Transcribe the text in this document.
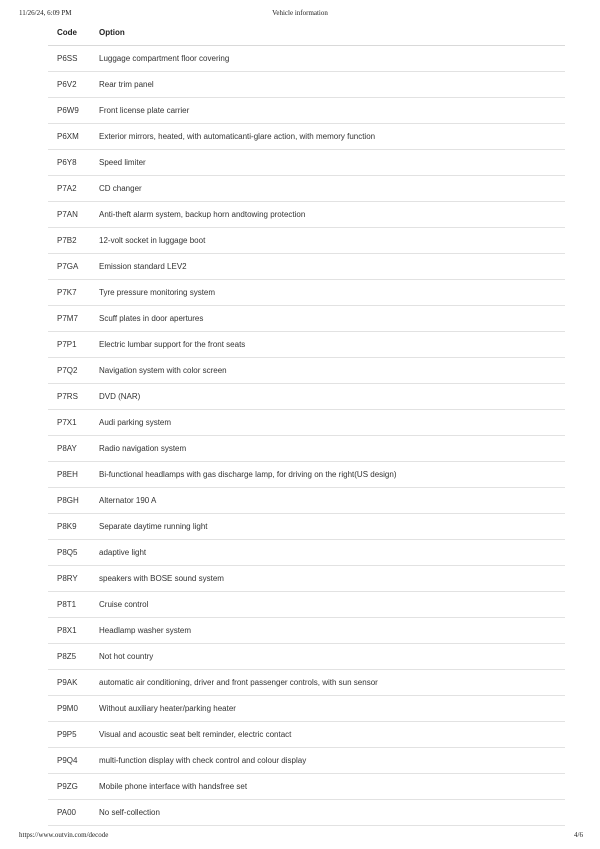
11/26/24, 6:09 PM	Vehicle information
Code	Option
P6SS	Luggage compartment floor covering
P6V2	Rear trim panel
P6W9	Front license plate carrier
P6XM	Exterior mirrors, heated, with automaticanti-glare action, with memory function
P6Y8	Speed limiter
P7A2	CD changer
P7AN	Anti-theft alarm system, backup horn andtowing protection
P7B2	12-volt socket in luggage boot
P7GA	Emission standard LEV2
P7K7	Tyre pressure monitoring system
P7M7	Scuff plates in door apertures
P7P1	Electric lumbar support for the front seats
P7Q2	Navigation system with color screen
P7RS	DVD (NAR)
P7X1	Audi parking system
P8AY	Radio navigation system
P8EH	Bi-functional headlamps with gas discharge lamp, for driving on the right(US design)
P8GH	Alternator 190 A
P8K9	Separate daytime running light
P8Q5	adaptive light
P8RY	speakers with BOSE sound system
P8T1	Cruise control
P8X1	Headlamp washer system
P8Z5	Not hot country
P9AK	automatic air conditioning, driver and front passenger controls, with sun sensor
P9M0	Without auxiliary heater/parking heater
P9P5	Visual and acoustic seat belt reminder, electric contact
P9Q4	multi-function display with check control and colour display
P9ZG	Mobile phone interface with handsfree set
PA00	No self-collection
https://www.outvin.com/decode	4/6
